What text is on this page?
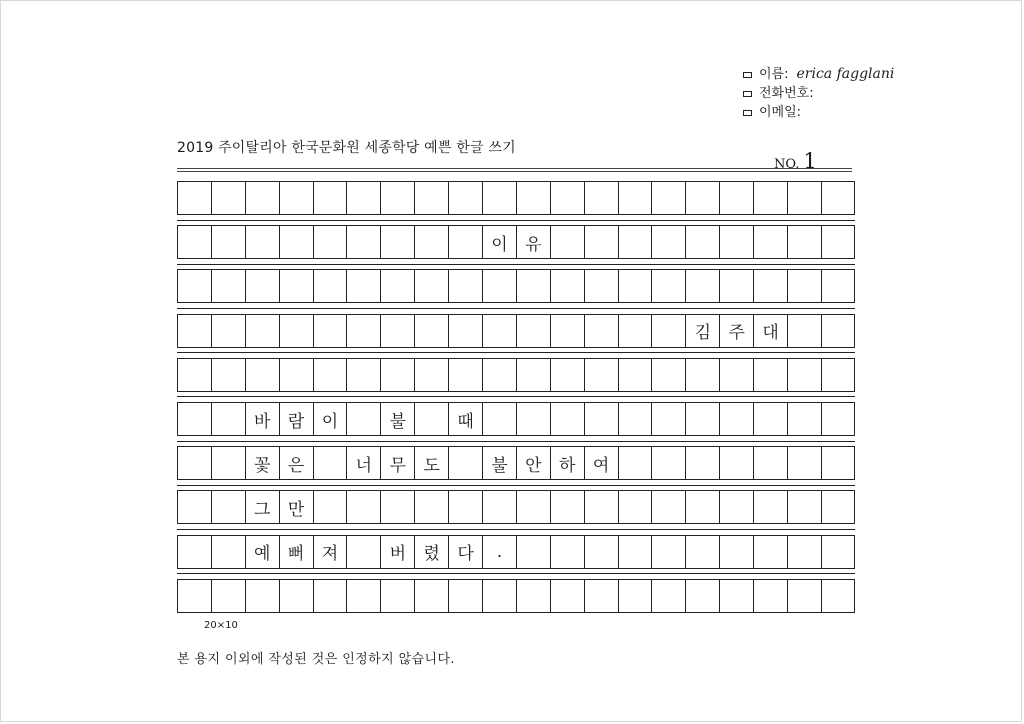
이름: erica fagglani
전화번호:
이메일:
2019 주이탈리아 한국문화원 세종학당 예쁜 한글 쓰기
NO. 1
이	유
김	주	대
바	람	이	불	때
꽃	은	너	무	도	불	안	하	여
그	만
예	뻐	져	버	렸	다	.
20×10
본 용지 이외에 작성된 것은 인정하지 않습니다.
